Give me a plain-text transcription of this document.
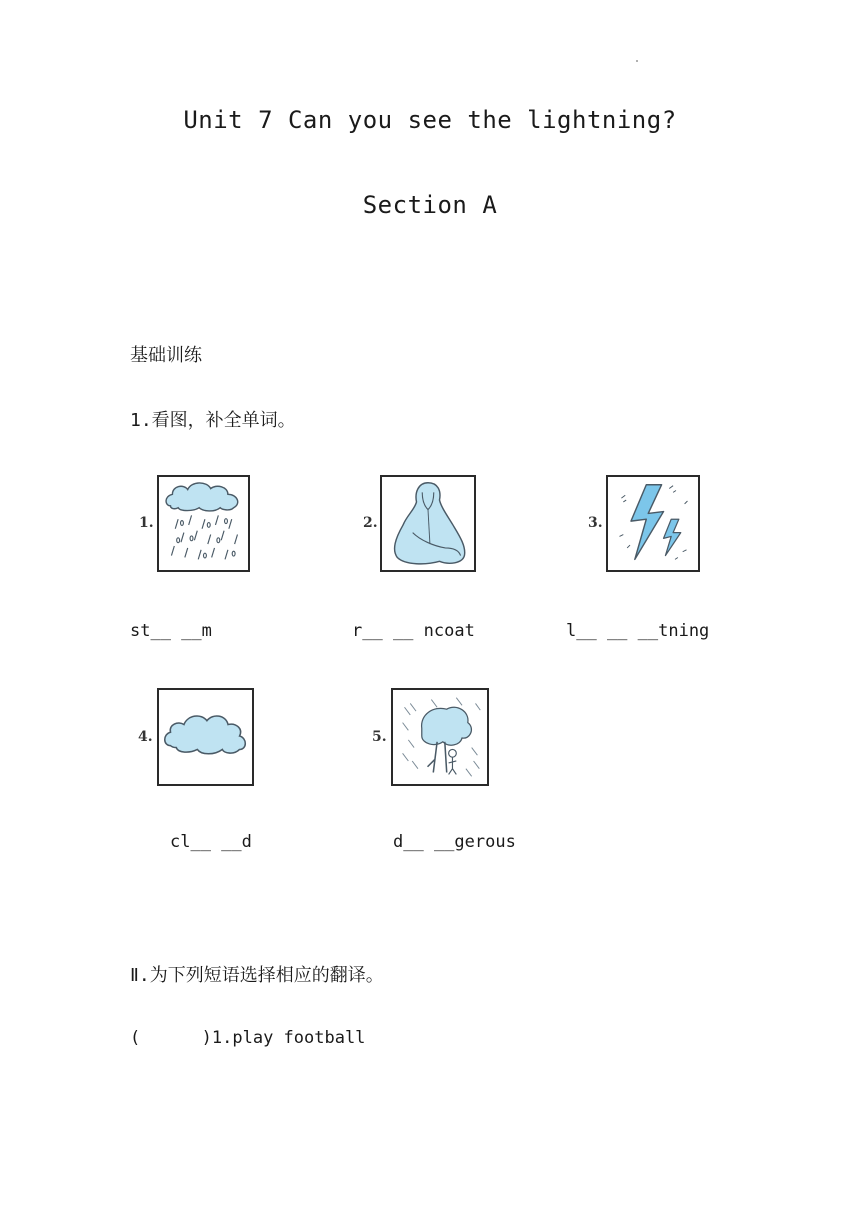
Unit 7 Can you see the lightning?
Section A
基础训练
1.看图，补全单词。
1.	2.	3.
st__ __m	r__ __ ncoat	l__ __ __tning
4.	5.
cl__ __d	d__ __gerous
Ⅱ.为下列短语选择相应的翻译。
(      )1.play football
